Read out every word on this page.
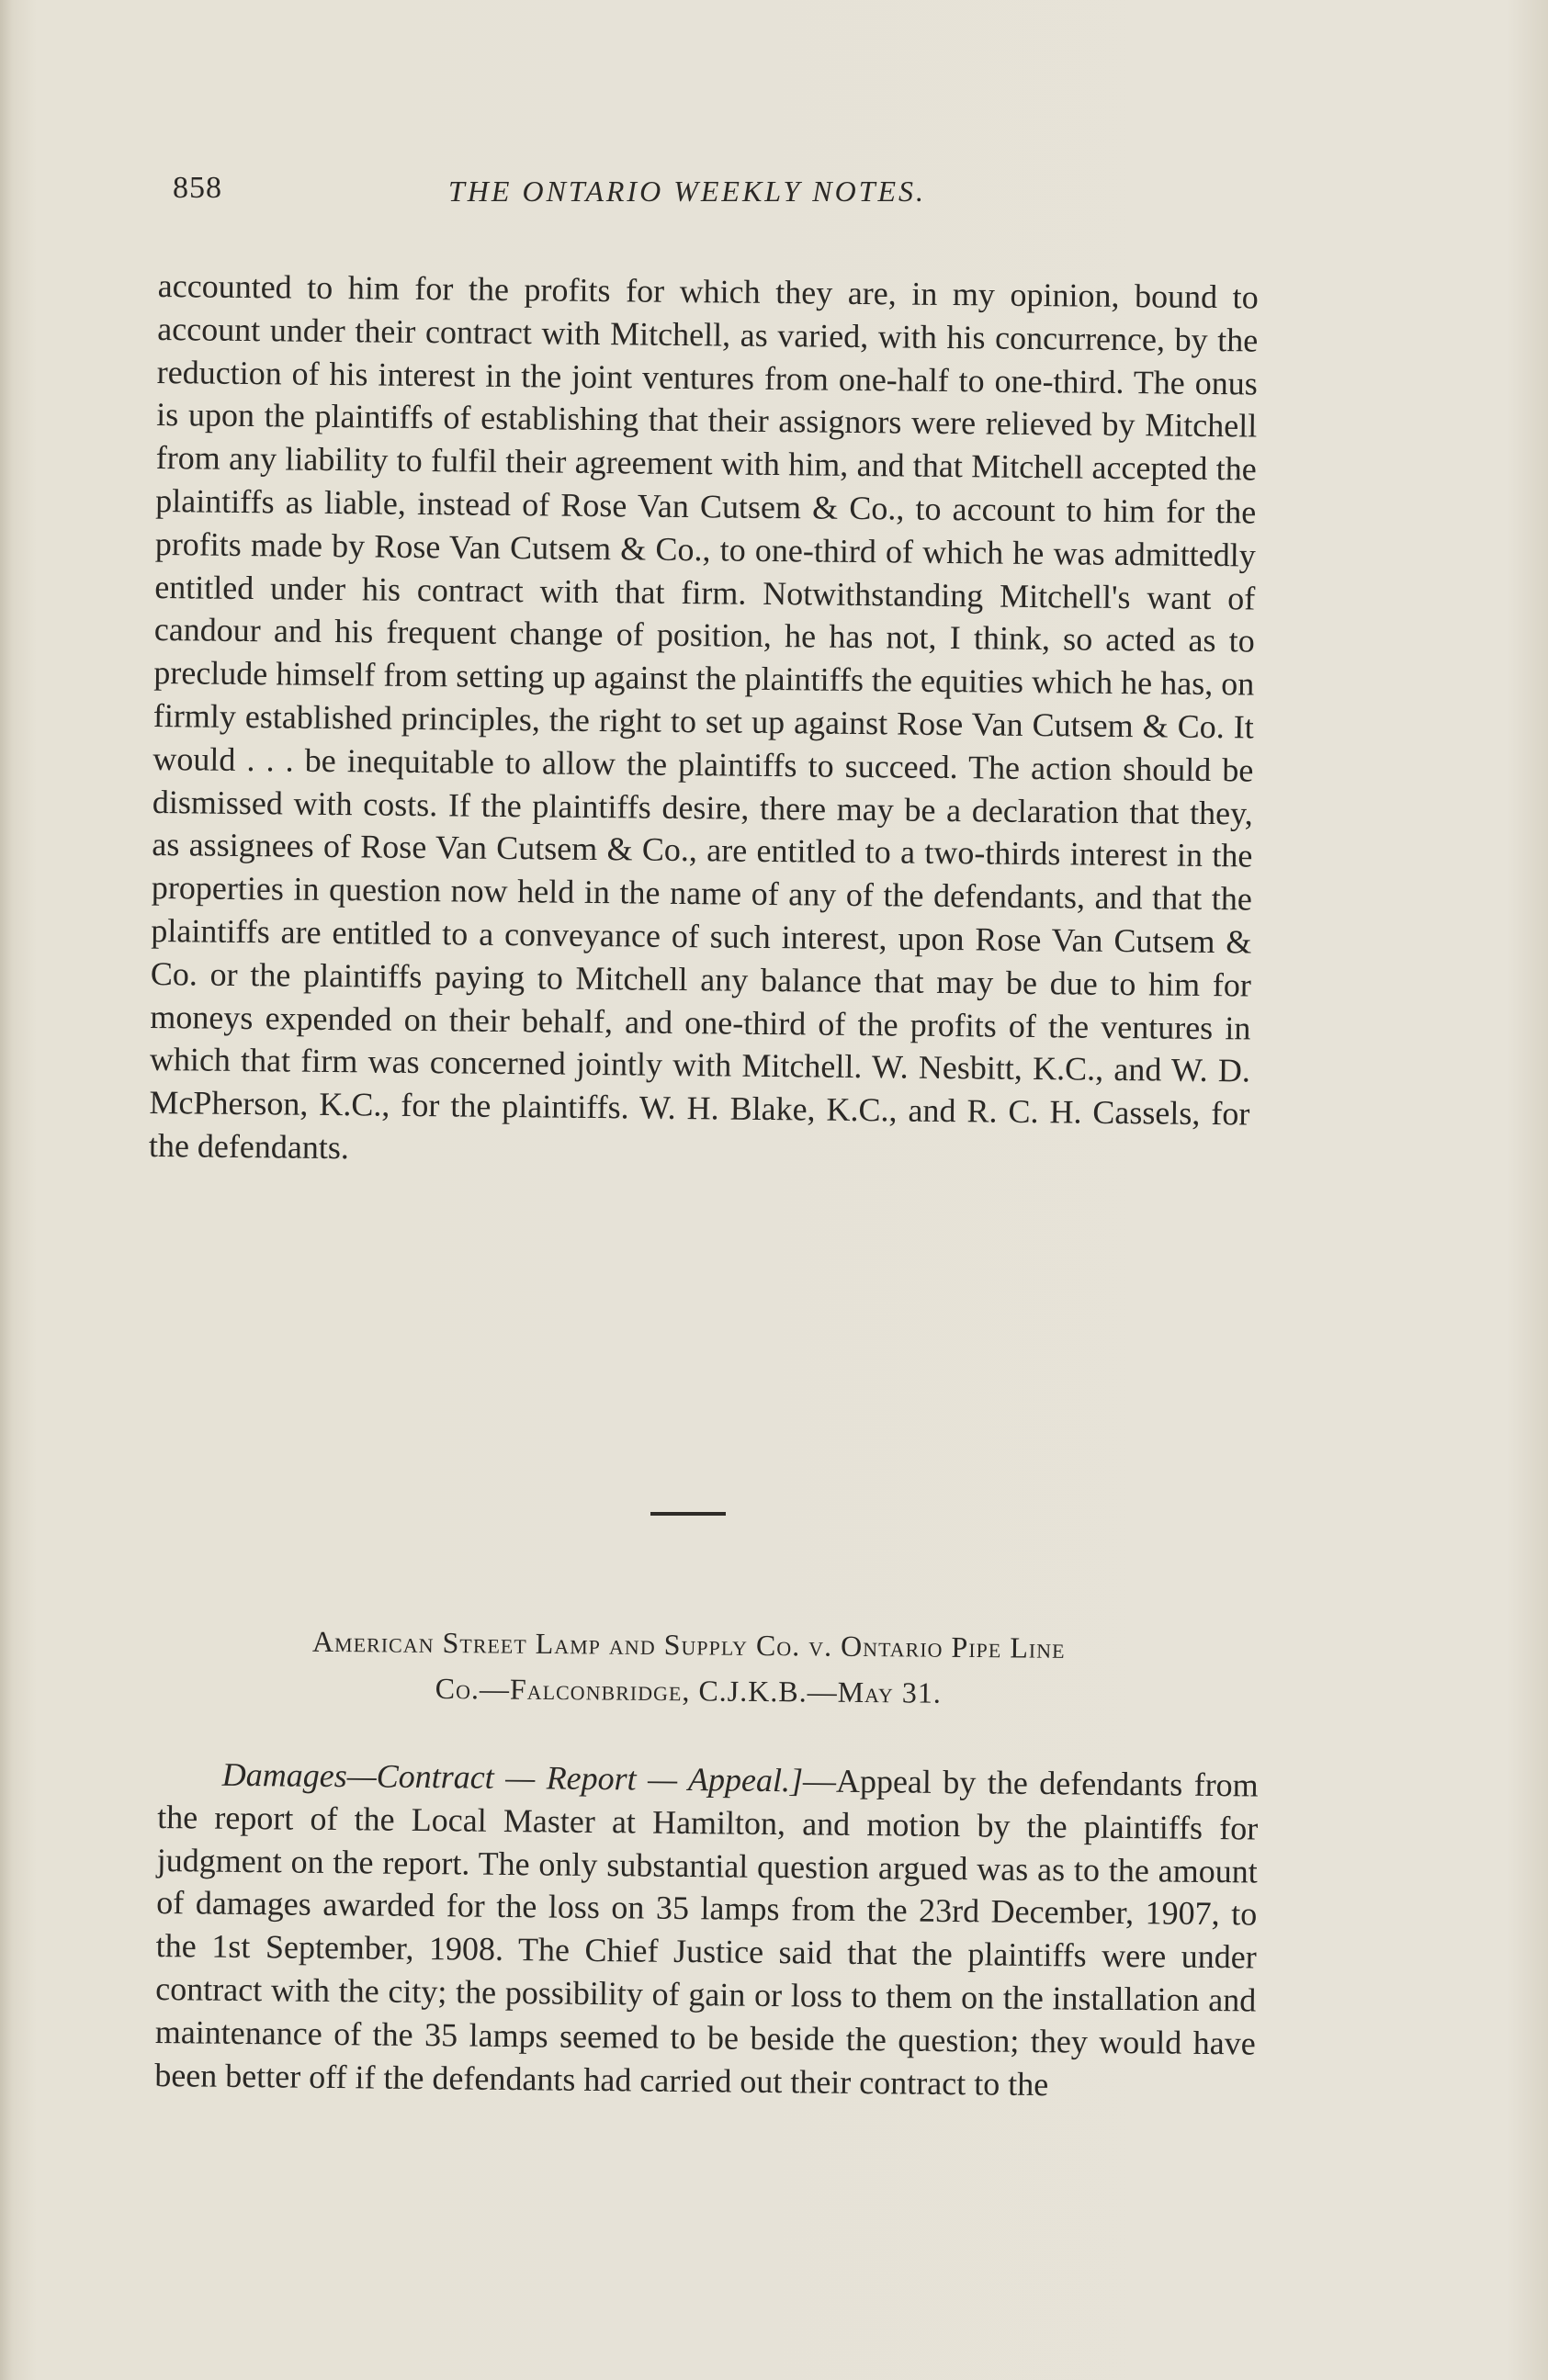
858	THE ONTARIO WEEKLY NOTES.
accounted to him for the profits for which they are, in my opinion, bound to account under their contract with Mitchell, as varied, with his concurrence, by the reduction of his interest in the joint ventures from one-half to one-third. The onus is upon the plaintiffs of establishing that their assignors were relieved by Mitchell from any liability to fulfil their agreement with him, and that Mitchell accepted the plaintiffs as liable, instead of Rose Van Cutsem & Co., to account to him for the profits made by Rose Van Cutsem & Co., to one-third of which he was admittedly entitled under his contract with that firm. Notwithstanding Mitchell's want of candour and his frequent change of position, he has not, I think, so acted as to preclude himself from setting up against the plaintiffs the equities which he has, on firmly established principles, the right to set up against Rose Van Cutsem & Co. It would . . . be inequitable to allow the plaintiffs to succeed. The action should be dismissed with costs. If the plaintiffs desire, there may be a declaration that they, as assignees of Rose Van Cutsem & Co., are entitled to a two-thirds interest in the properties in question now held in the name of any of the defendants, and that the plaintiffs are entitled to a conveyance of such interest, upon Rose Van Cutsem & Co. or the plaintiffs paying to Mitchell any balance that may be due to him for moneys expended on their behalf, and one-third of the profits of the ventures in which that firm was concerned jointly with Mitchell. W. Nesbitt, K.C., and W. D. McPherson, K.C., for the plaintiffs. W. H. Blake, K.C., and R. C. H. Cassels, for the defendants.
American Street Lamp and Supply Co. v. Ontario Pipe Line
Co.—Falconbridge, C.J.K.B.—May 31.
Damages—Contract — Report — Appeal.]—Appeal by the defendants from the report of the Local Master at Hamilton, and motion by the plaintiffs for judgment on the report. The only substantial question argued was as to the amount of damages awarded for the loss on 35 lamps from the 23rd December, 1907, to the 1st September, 1908. The Chief Justice said that the plaintiffs were under contract with the city; the possibility of gain or loss to them on the installation and maintenance of the 35 lamps seemed to be beside the question; they would have been better off if the defendants had carried out their contract to the
